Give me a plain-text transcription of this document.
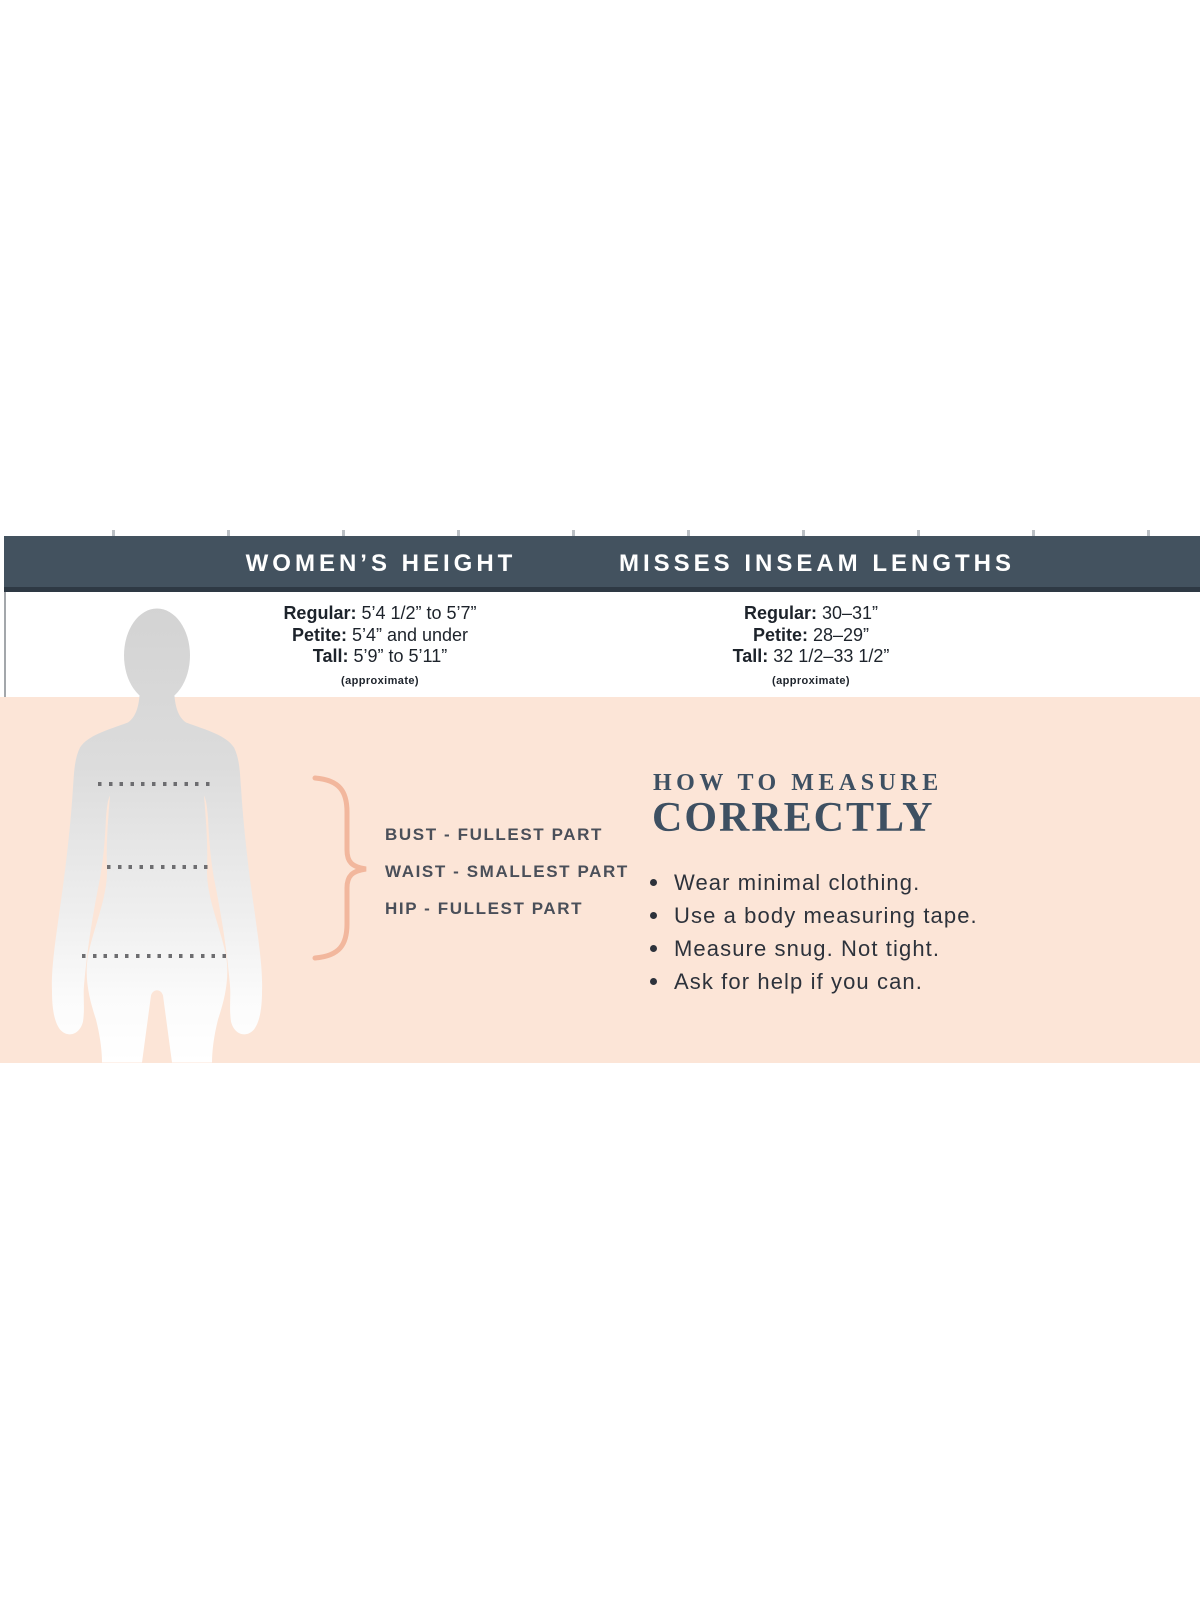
WOMEN’S HEIGHT	MISSES INSEAM LENGTHS
Regular: 5’4 1/2” to 5’7”
Petite: 5’4” and under
Tall: 5’9” to 5’11”
(approximate)
Regular: 30–31”
Petite: 28–29”
Tall: 32 1/2–33 1/2”
(approximate)
BUST - FULLEST PART
WAIST - SMALLEST PART
HIP - FULLEST PART
HOW TO MEASURE
CORRECTLY
Wear minimal clothing.
Use a body measuring tape.
Measure snug. Not tight.
Ask for help if you can.
